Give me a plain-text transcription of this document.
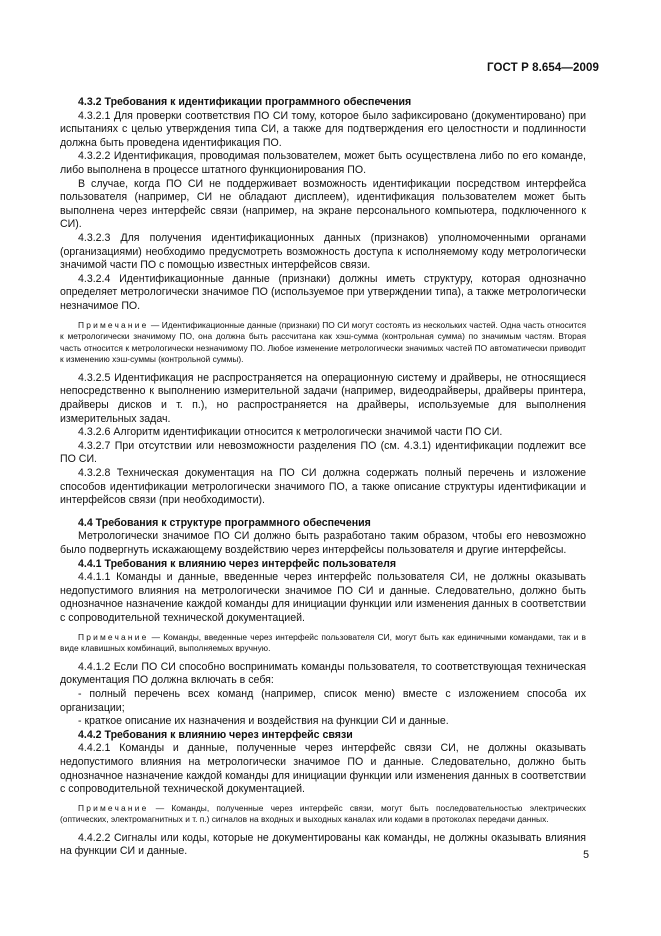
ГОСТ Р 8.654—2009

4.3.2 Требования к идентификации программного обеспечения

4.3.2.1 Для проверки соответствия ПО СИ тому, которое было зафиксировано (документировано) при испытаниях с целью утверждения типа СИ, а также для подтверждения его целостности и подлинности должна быть проведена идентификация ПО.

4.3.2.2 Идентификация, проводимая пользователем, может быть осуществлена либо по его команде, либо выполнена в процессе штатного функционирования ПО.

В случае, когда ПО СИ не поддерживает возможность идентификации посредством интерфейса пользователя (например, СИ не обладают дисплеем), идентификация пользователем может быть выполнена через интерфейс связи (например, на экране персонального компьютера, подключенного к СИ).

4.3.2.3 Для получения идентификационных данных (признаков) уполномоченными органами (организациями) необходимо предусмотреть возможность доступа к исполняемому коду метрологически значимой части ПО с помощью известных интерфейсов связи.

4.3.2.4 Идентификационные данные (признаки) должны иметь структуру, которая однозначно определяет метрологически значимое ПО (используемое при утверждении типа), а также метрологически незначимое ПО.

Примечание — Идентификационные данные (признаки) ПО СИ могут состоять из нескольких частей. Одна часть относится к метрологически значимому ПО, она должна быть рассчитана как хэш-сумма (контрольная сумма) по значимым частям. Вторая часть относится к метрологически незначимому ПО. Любое изменение метрологически значимых частей ПО автоматически приводит к изменению хэш-суммы (контрольной суммы).

4.3.2.5 Идентификация не распространяется на операционную систему и драйверы, не относящиеся непосредственно к выполнению измерительной задачи (например, видеодрайверы, драйверы принтера, драйверы дисков и т. п.), но распространяется на драйверы, используемые для выполнения измерительных задач.

4.3.2.6 Алгоритм идентификации относится к метрологически значимой части ПО СИ.

4.3.2.7 При отсутствии или невозможности разделения ПО (см. 4.3.1) идентификации подлежит все ПО СИ.

4.3.2.8 Техническая документация на ПО СИ должна содержать полный перечень и изложение способов идентификации метрологически значимого ПО, а также описание структуры идентификации и интерфейсов связи (при необходимости).

4.4 Требования к структуре программного обеспечения

Метрологически значимое ПО СИ должно быть разработано таким образом, чтобы его невозможно было подвергнуть искажающему воздействию через интерфейсы пользователя и другие интерфейсы.

4.4.1 Требования к влиянию через интерфейс пользователя

4.4.1.1 Команды и данные, введенные через интерфейс пользователя СИ, не должны оказывать недопустимого влияния на метрологически значимое ПО СИ и данные. Следовательно, должно быть однозначное назначение каждой команды для инициации функции или изменения данных в соответствии с сопроводительной технической документацией.

Примечание — Команды, введенные через интерфейс пользователя СИ, могут быть как единичными командами, так и в виде клавишных комбинаций, выполняемых вручную.

4.4.1.2 Если ПО СИ способно воспринимать команды пользователя, то соответствующая техническая документация ПО должна включать в себя:

- полный перечень всех команд (например, список меню) вместе с изложением способа их организации;

- краткое описание их назначения и воздействия на функции СИ и данные.

4.4.2 Требования к влиянию через интерфейс связи

4.4.2.1 Команды и данные, полученные через интерфейс связи СИ, не должны оказывать недопустимого влияния на метрологически значимое ПО и данные. Следовательно, должно быть однозначное назначение каждой команды для инициации функции или изменения данных в соответствии с сопроводительной технической документацией.

Примечание — Команды, полученные через интерфейс связи, могут быть последовательностью электрических (оптических, электромагнитных и т. п.) сигналов на входных и выходных каналах или кодами в протоколах передачи данных.

4.4.2.2 Сигналы или коды, которые не документированы как команды, не должны оказывать влияния на функции СИ и данные.	5
